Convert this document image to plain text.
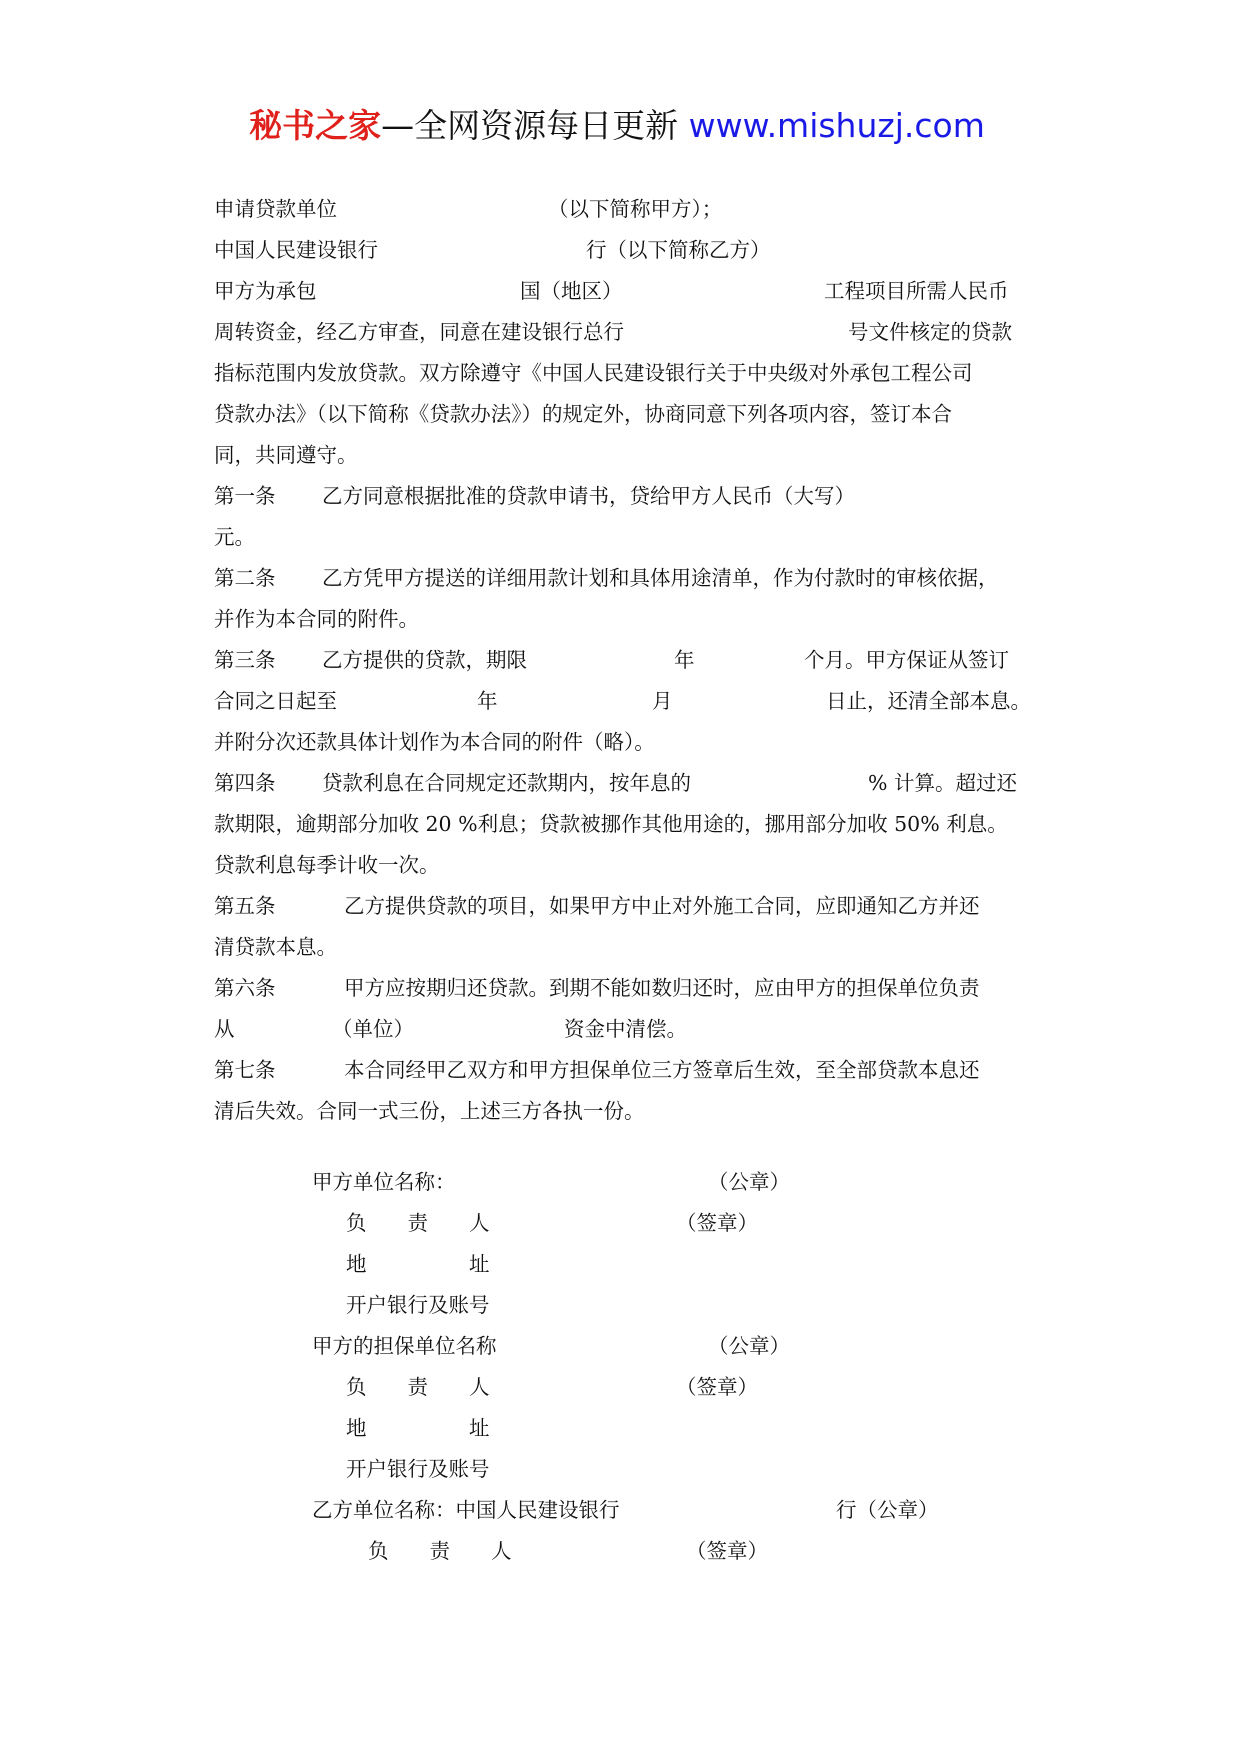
秘书之家—全网资源每日更新 www.mishuzj.com
申请贷款单位	（以下简称甲方）；
中国人民建设银行	行（以下简称乙方）
甲方为承包	国（地区）	工程项目所需人民币
周转资金，经乙方审查，同意在建设银行总行	号文件核定的贷款
指标范围内发放贷款。双方除遵守《中国人民建设银行关于中央级对外承包工程公司
贷款办法》（以下简称《贷款办法》）的规定外，协商同意下列各项内容，签订本合
同，共同遵守。
第一条 乙方同意根据批准的贷款申请书，贷给甲方人民币（大写）
元。
第二条 乙方凭甲方提送的详细用款计划和具体用途清单，作为付款时的审核依据，
并作为本合同的附件。
第三条 乙方提供的贷款，期限	年	个月。甲方保证从签订
合同之日起至	年	月	日止，还清全部本息。
并附分次还款具体计划作为本合同的附件（略）。
第四条 贷款利息在合同规定还款期内，按年息的	% 计算。超过还
款期限，逾期部分加收 20 %利息；贷款被挪作其他用途的，挪用部分加收 50% 利息。
贷款利息每季计收一次。
第五条	乙方提供贷款的项目，如果甲方中止对外施工合同，应即通知乙方并还
清贷款本息。
第六条	甲方应按期归还贷款。到期不能如数归还时，应由甲方的担保单位负责
从	（单位）	资金中清偿。
第七条	本合同经甲乙双方和甲方担保单位三方签章后生效，至全部贷款本息还
清后失效。合同一式三份，上述三方各执一份。
甲方单位名称：	（公章）
负　　责　　人	（签章）
地　　　　　址
开户银行及账号
甲方的担保单位名称	（公章）
负　　责　　人	（签章）
地　　　　　址
开户银行及账号
乙方单位名称：中国人民建设银行	行（公章）
负　　责　　人	（签章）
